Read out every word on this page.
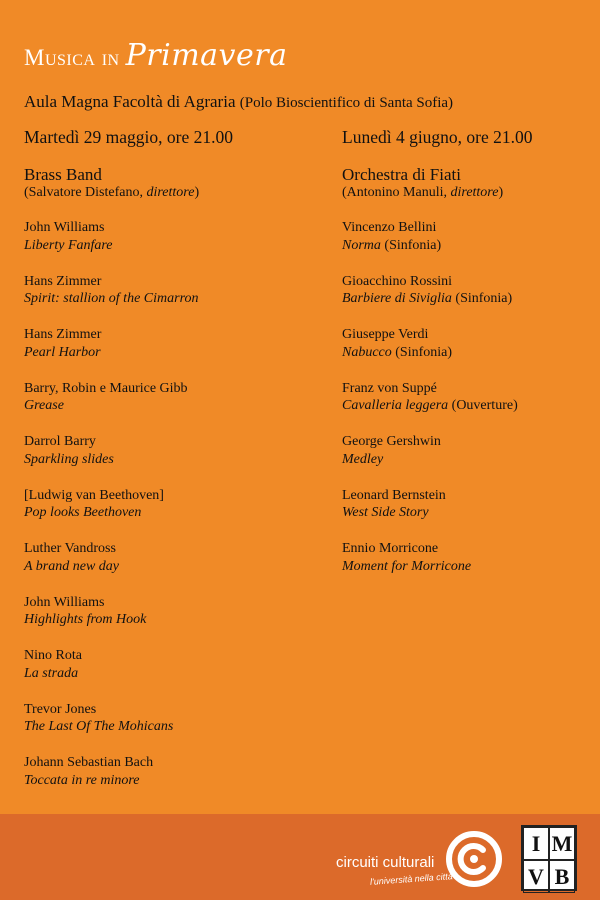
Musica in Primavera
Aula Magna Facoltà di Agraria (Polo Bioscientifico di Santa Sofia)
Martedì 29 maggio, ore 21.00
Brass Band
(Salvatore Distefano, direttore)
John Williams
Liberty Fanfare
Hans Zimmer
Spirit: stallion of the Cimarron
Hans Zimmer
Pearl Harbor
Barry, Robin e Maurice Gibb
Grease
Darrol Barry
Sparkling slides
[Ludwig van Beethoven]
Pop looks Beethoven
Luther Vandross
A brand new day
John Williams
Highlights from Hook
Nino Rota
La strada
Trevor Jones
The Last Of The Mohicans
Johann Sebastian Bach
Toccata in re minore
Lunedì 4 giugno, ore 21.00
Orchestra di Fiati
(Antonino Manuli, direttore)
Vincenzo Bellini
Norma (Sinfonia)
Gioacchino Rossini
Barbiere di Siviglia (Sinfonia)
Giuseppe Verdi
Nabucco (Sinfonia)
Franz von Suppé
Cavalleria leggera (Ouverture)
George Gershwin
Medley
Leonard Bernstein
West Side Story
Ennio Morricone
Moment for Morricone
circuiti culturali
l'università nella città
I M
V B
